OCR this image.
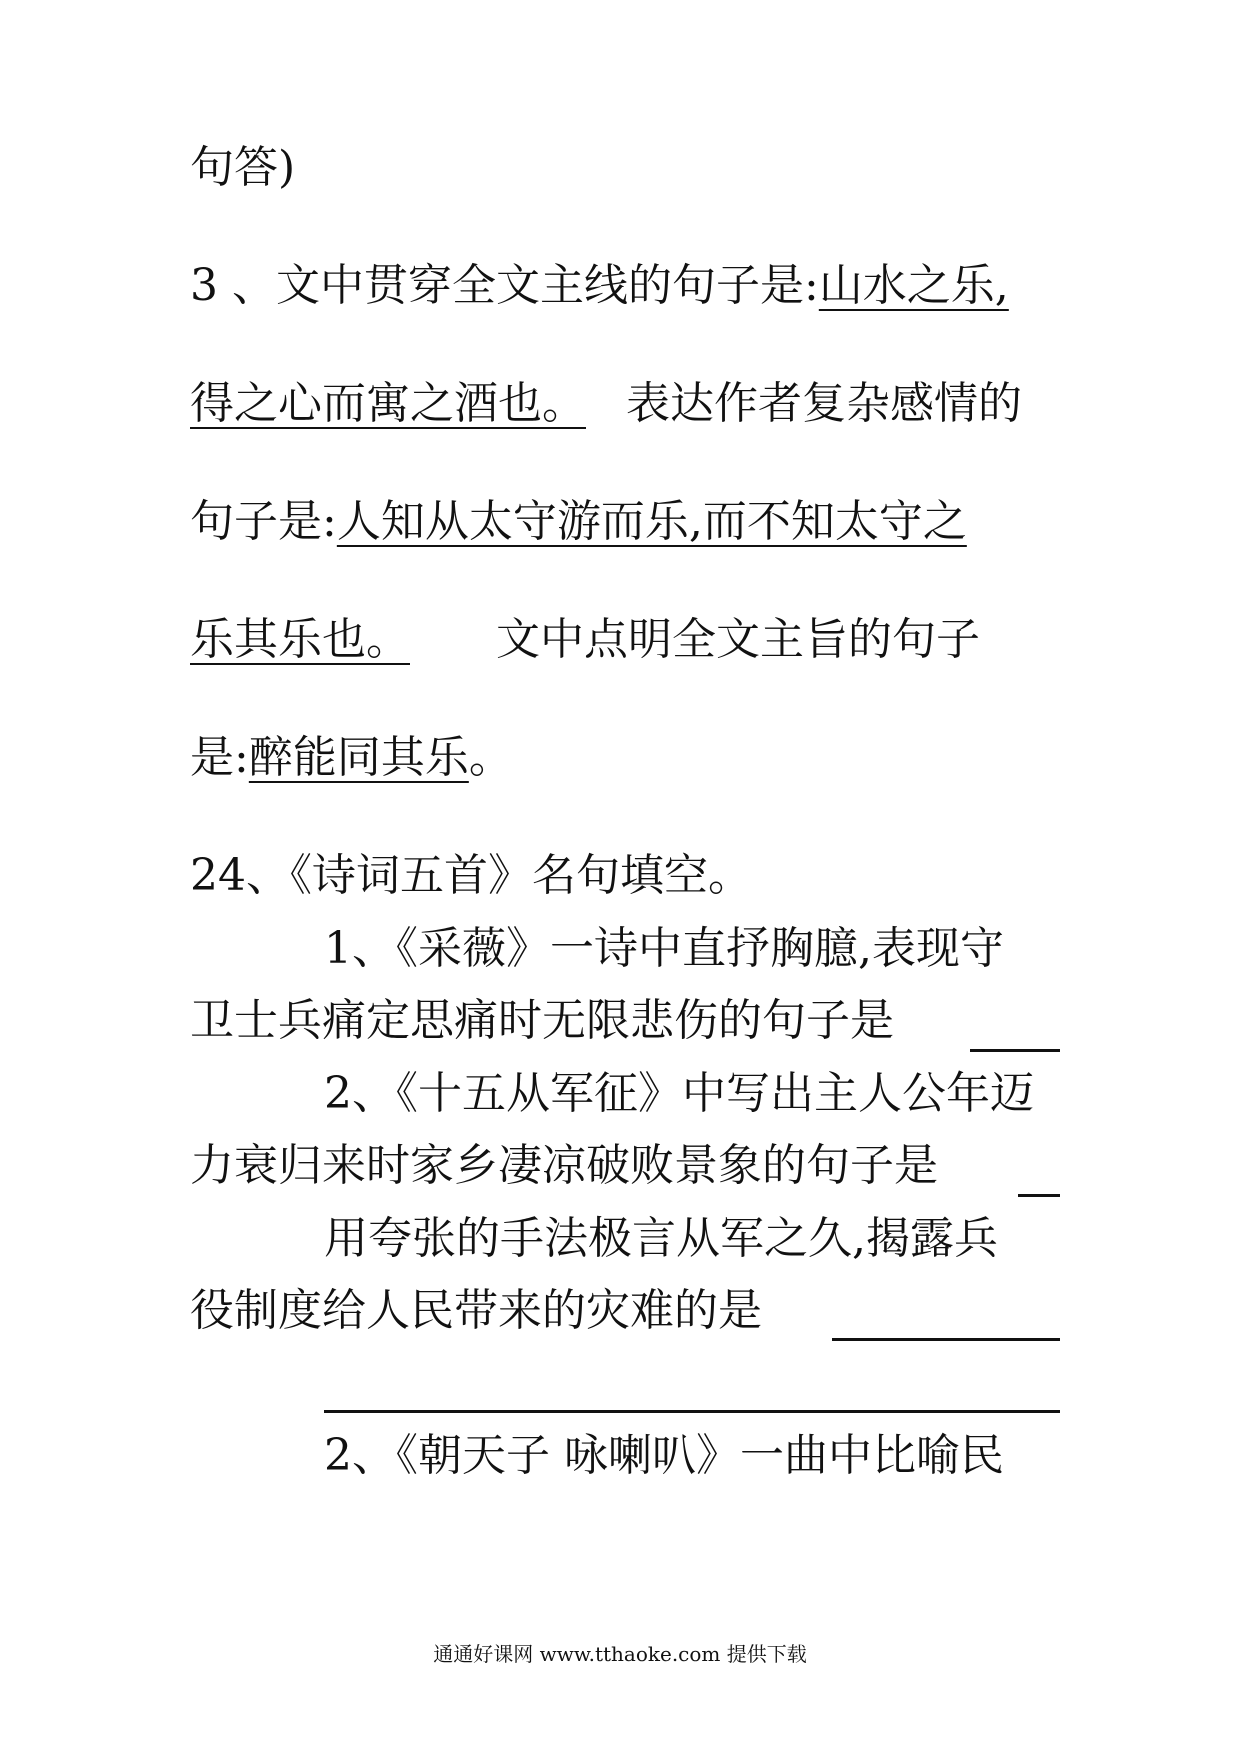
句答)
3 、文中贯穿全文主线的句子是:山水之乐,
得之心而寓之酒也。 表达作者复杂感情的
句子是:人知从太守游而乐,而不知太守之
乐其乐也。 文中点明全文主旨的句子
是:醉能同其乐。
24、《诗词五首》名句填空。
1、《采薇》一诗中直抒胸臆,表现守
卫士兵痛定思痛时无限悲伤的句子是
2、《十五从军征》中写出主人公年迈
力衰归来时家乡凄凉破败景象的句子是
用夸张的手法极言从军之久,揭露兵
役制度给人民带来的灾难的是
2、《朝天子 咏喇叭》一曲中比喻民
通通好课网 www.tthaoke.com 提供下载
